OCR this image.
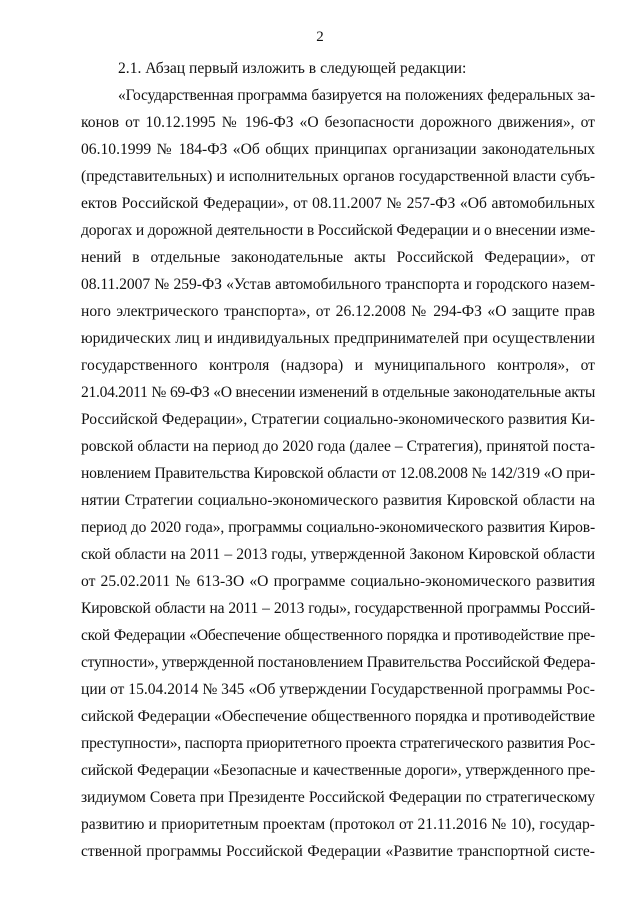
2
2.1. Абзац первый изложить в следующей редакции:
«Государственная программа базируется на положениях федеральных за-
конов от 10.12.1995 № 196-ФЗ «О безопасности дорожного движения», от
06.10.1999 № 184-ФЗ «Об общих принципах организации законодательных
(представительных) и исполнительных органов государственной власти субъ-
ектов Российской Федерации», от 08.11.2007 № 257-ФЗ «Об автомобильных
дорогах и дорожной деятельности в Российской Федерации и о внесении изме-
нений в отдельные законодательные акты Российской Федерации», от
08.11.2007 № 259-ФЗ «Устав автомобильного транспорта и городского назем-
ного электрического транспорта», от 26.12.2008 № 294-ФЗ «О защите прав
юридических лиц и индивидуальных предпринимателей при осуществлении
государственного контроля (надзора) и муниципального контроля», от
21.04.2011 № 69-ФЗ «О внесении изменений в отдельные законодательные акты
Российской Федерации», Стратегии социально-экономического развития Ки-
ровской области на период до 2020 года (далее – Стратегия), принятой поста-
новлением Правительства Кировской области от 12.08.2008 № 142/319 «О при-
нятии Стратегии социально-экономического развития Кировской области на
период до 2020 года», программы социально-экономического развития Киров-
ской области на 2011 – 2013 годы, утвержденной Законом Кировской области
от 25.02.2011 № 613-ЗО «О программе социально-экономического развития
Кировской области на 2011 – 2013 годы», государственной программы Россий-
ской Федерации «Обеспечение общественного порядка и противодействие пре-
ступности», утвержденной постановлением Правительства Российской Федера-
ции от 15.04.2014 № 345 «Об утверждении Государственной программы Рос-
сийской Федерации «Обеспечение общественного порядка и противодействие
преступности», паспорта приоритетного проекта стратегического развития Рос-
сийской Федерации «Безопасные и качественные дороги», утвержденного пре-
зидиумом Совета при Президенте Российской Федерации по стратегическому
развитию и приоритетным проектам (протокол от 21.11.2016 № 10), государ-
ственной программы Российской Федерации «Развитие транспортной систе-
